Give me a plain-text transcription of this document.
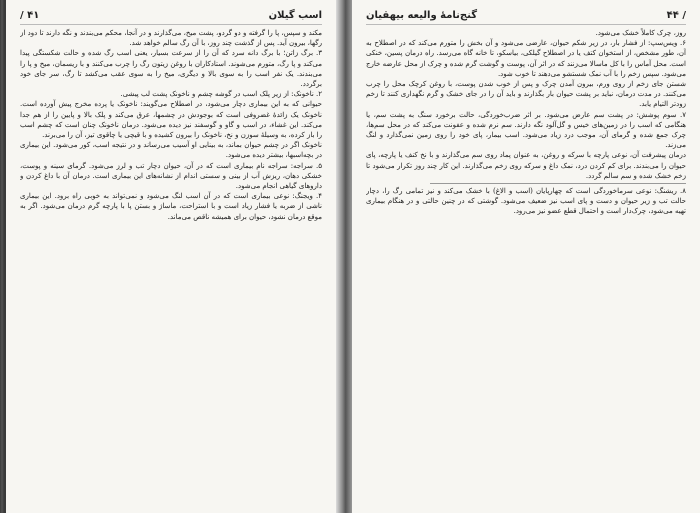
اسب گیلان
۴۱ /

مکند و سپس، پا را گرفته و دو گردو، پشت میخ، می‌گذارند و در آنجا، محکم می‌بندند و نگه دارند تا دود از رگها، بیرون آید. پس از گذشت چند روز، با آن رگ سالم خواهد شد.

۳. برگ زاتن؛ با برگ دانه سرد که آن را از سرعت بسیار، یعنی اسب رگ شده و حالت شکستگی پیدا می‌کند و پا رگ، متورم می‌شوند. استادکاران با روغن زیتون رگ را چرب می‌کنند و با ریسمان، میخ و پا را می‌بندند. یک نفر اسب را به سوی بالا و دیگری، میخ را به سوی عقب می‌کشد تا رگ، سر جای خود برگردد.

۲. ناخونک: از زیر پلک اسب در گوشه چشم و ناخونک پشت لب پیشی.

حیوانی که به این بیماری دچار می‌شود، در اصطلاح می‌گویند: ناخونک یا پرده مخرج پیش آورده است. ناخونک یک زائدهٔ غضروفی است که بوجودش در چشمها، عرق می‌کند و پلک بالا و پایین را از هم جدا می‌کند. این غشاء، در اسب و گاو و گوسفند نیز دیده می‌شود. درمان ناخونک چنان است که چشم اسب را باز کرده، به وسیلهٔ سوزن و نخ، ناخونک را بیرون کشیده و با قیچی یا چاقوی تیز، آن را می‌برند.

ناخونک اگر در چشم حیوان بماند، به بینایی او آسیب می‌رساند و در نتیجه اسب، کور می‌شود. این بیماری در بچه‌اسبها، بیشتر دیده می‌شود.

۵. سراجه: سراجه نام بیماری است که در آن، حیوان دچار تب و لرز می‌شود. گرمای سینه و پوست، خشکی دهان، ریزش آب از بینی و سستی اندام از نشانه‌های این بیماری است. درمان آن با داغ کردن و داروهای گیاهی انجام می‌شود.

۴. ویجنگ: نوعی بیماری است که در آن اسب لنگ می‌شود و نمی‌تواند به خوبی راه برود. این بیماری ناشی از ضربه یا فشار زیاد است و با استراحت، ماساژ و بستن پا با پارچه گرم درمان می‌شود. اگر به موقع درمان نشود، حیوان برای همیشه ناقص می‌ماند.

/ ۴۴
گنج‌نامهٔ والیعه بیهقیان

روز، چرک کاملاً خشک می‌شود.

۶. ویس‌سپ: از فشار بار، در زیر شکم حیوان، عارضی می‌شود و آن بخش را متورم می‌کند که در اصطلاح به آن، طور مشخص، از استخوان کتف یا در اصطلاح گیلکی، بیاسکو، تا خانه گاه می‌رسد. راه درمان پسین، خنکی است. محل آماس را با کل ماسالا می‌زنند که در اثر آن، پوست و گوشت گرم شده و چرک از محل عارضه خارج می‌شود. سپس زخم را با آب نمک شستشو می‌دهند تا خوب شود.

شستن جای زخم از روی ورم، بیرون آمدن چرک و پس از خوب شدن پوست، با روغن کرچک محل را چرب می‌کنند. در مدت درمان، نباید بر پشت حیوان بار بگذارند و باید آن را در جای خشک و گرم نگهداری کنند تا زخم زودتر التیام یابد.

۷. سوم پوشش: در پشت سم عارض می‌شود. بر اثر ضرب‌خوردگی، حالت برخورد سنگ به پشت سم، یا هنگامی که اسب را در زمین‌های خیس و گل‌آلود نگه دارند. سم نرم شده و عفونت می‌کند که در محل سم‌ها، چرک جمع شده و گرمای آن، موجب درد زیاد می‌شود. اسب بیمار، پای خود را روی زمین نمی‌گذارد و لنگ می‌زند.

درمان پیشرفت آن، نوعی پارچه با سرکه و روغن، به عنوان پماد روی سم می‌گذارند و با نخ کنف یا پارچه، پای حیوان را می‌بندند. برای کم کردن درد، نمک داغ و سرکه روی زخم می‌گذارند. این کار چند روز تکرار می‌شود تا زخم خشک شده و سم سالم گردد.

۸. ریشنگ: نوعی سرماخوردگی است که چهارپایان (اسب و الاغ) با خشک می‌کند و نیز تمامی رگ را، دچار حالت تب و زیر حیوان و دست و پای اسب نیز ضعیف می‌شود. گوشتی که در چنین حالتی و در هنگام بیماری تهیه می‌شود، چرک‌دار است و احتمال قطع عضو نیز می‌رود.
